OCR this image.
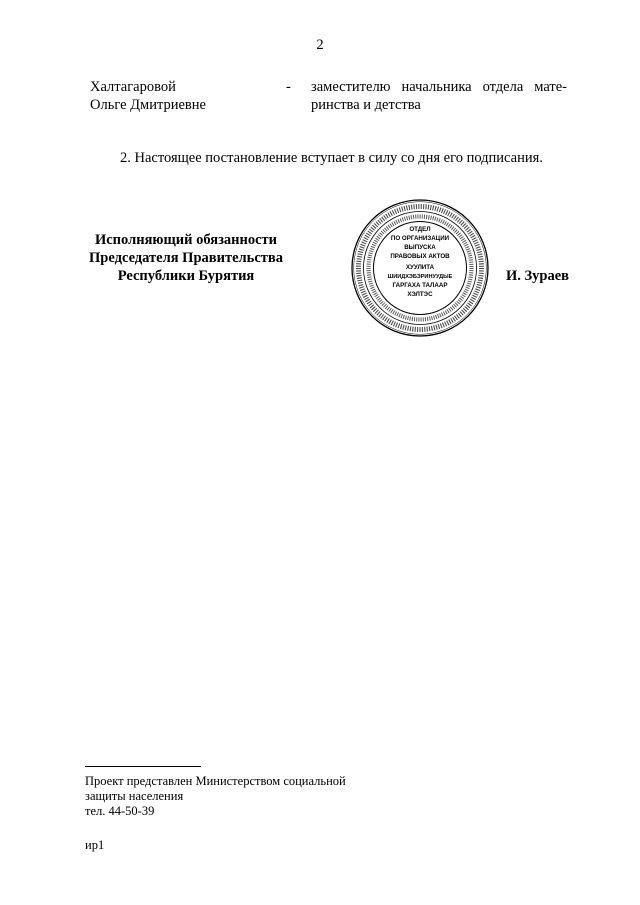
2
Халтагаровой
Ольге Дмитриевне
- заместителю начальника отдела мате-
ринства и детства
2. Настоящее постановление вступает в силу со дня его подписания.
Исполняющий обязанности
Председателя Правительства
Республики Бурятия
ОТДЕЛ
ПО ОРГАНИЗАЦИИ
ВЫПУСКА
ПРАВОВЫХ АКТОВ
ХУУЛИТА
ШИИДХЭБЭРИНУУДЫЕ
ГАРГАХА ТАЛААР
ХЭЛТЭС
И. Зураев
Проект представлен Министерством социальной
защиты населения
тел. 44-50-39
ир1
